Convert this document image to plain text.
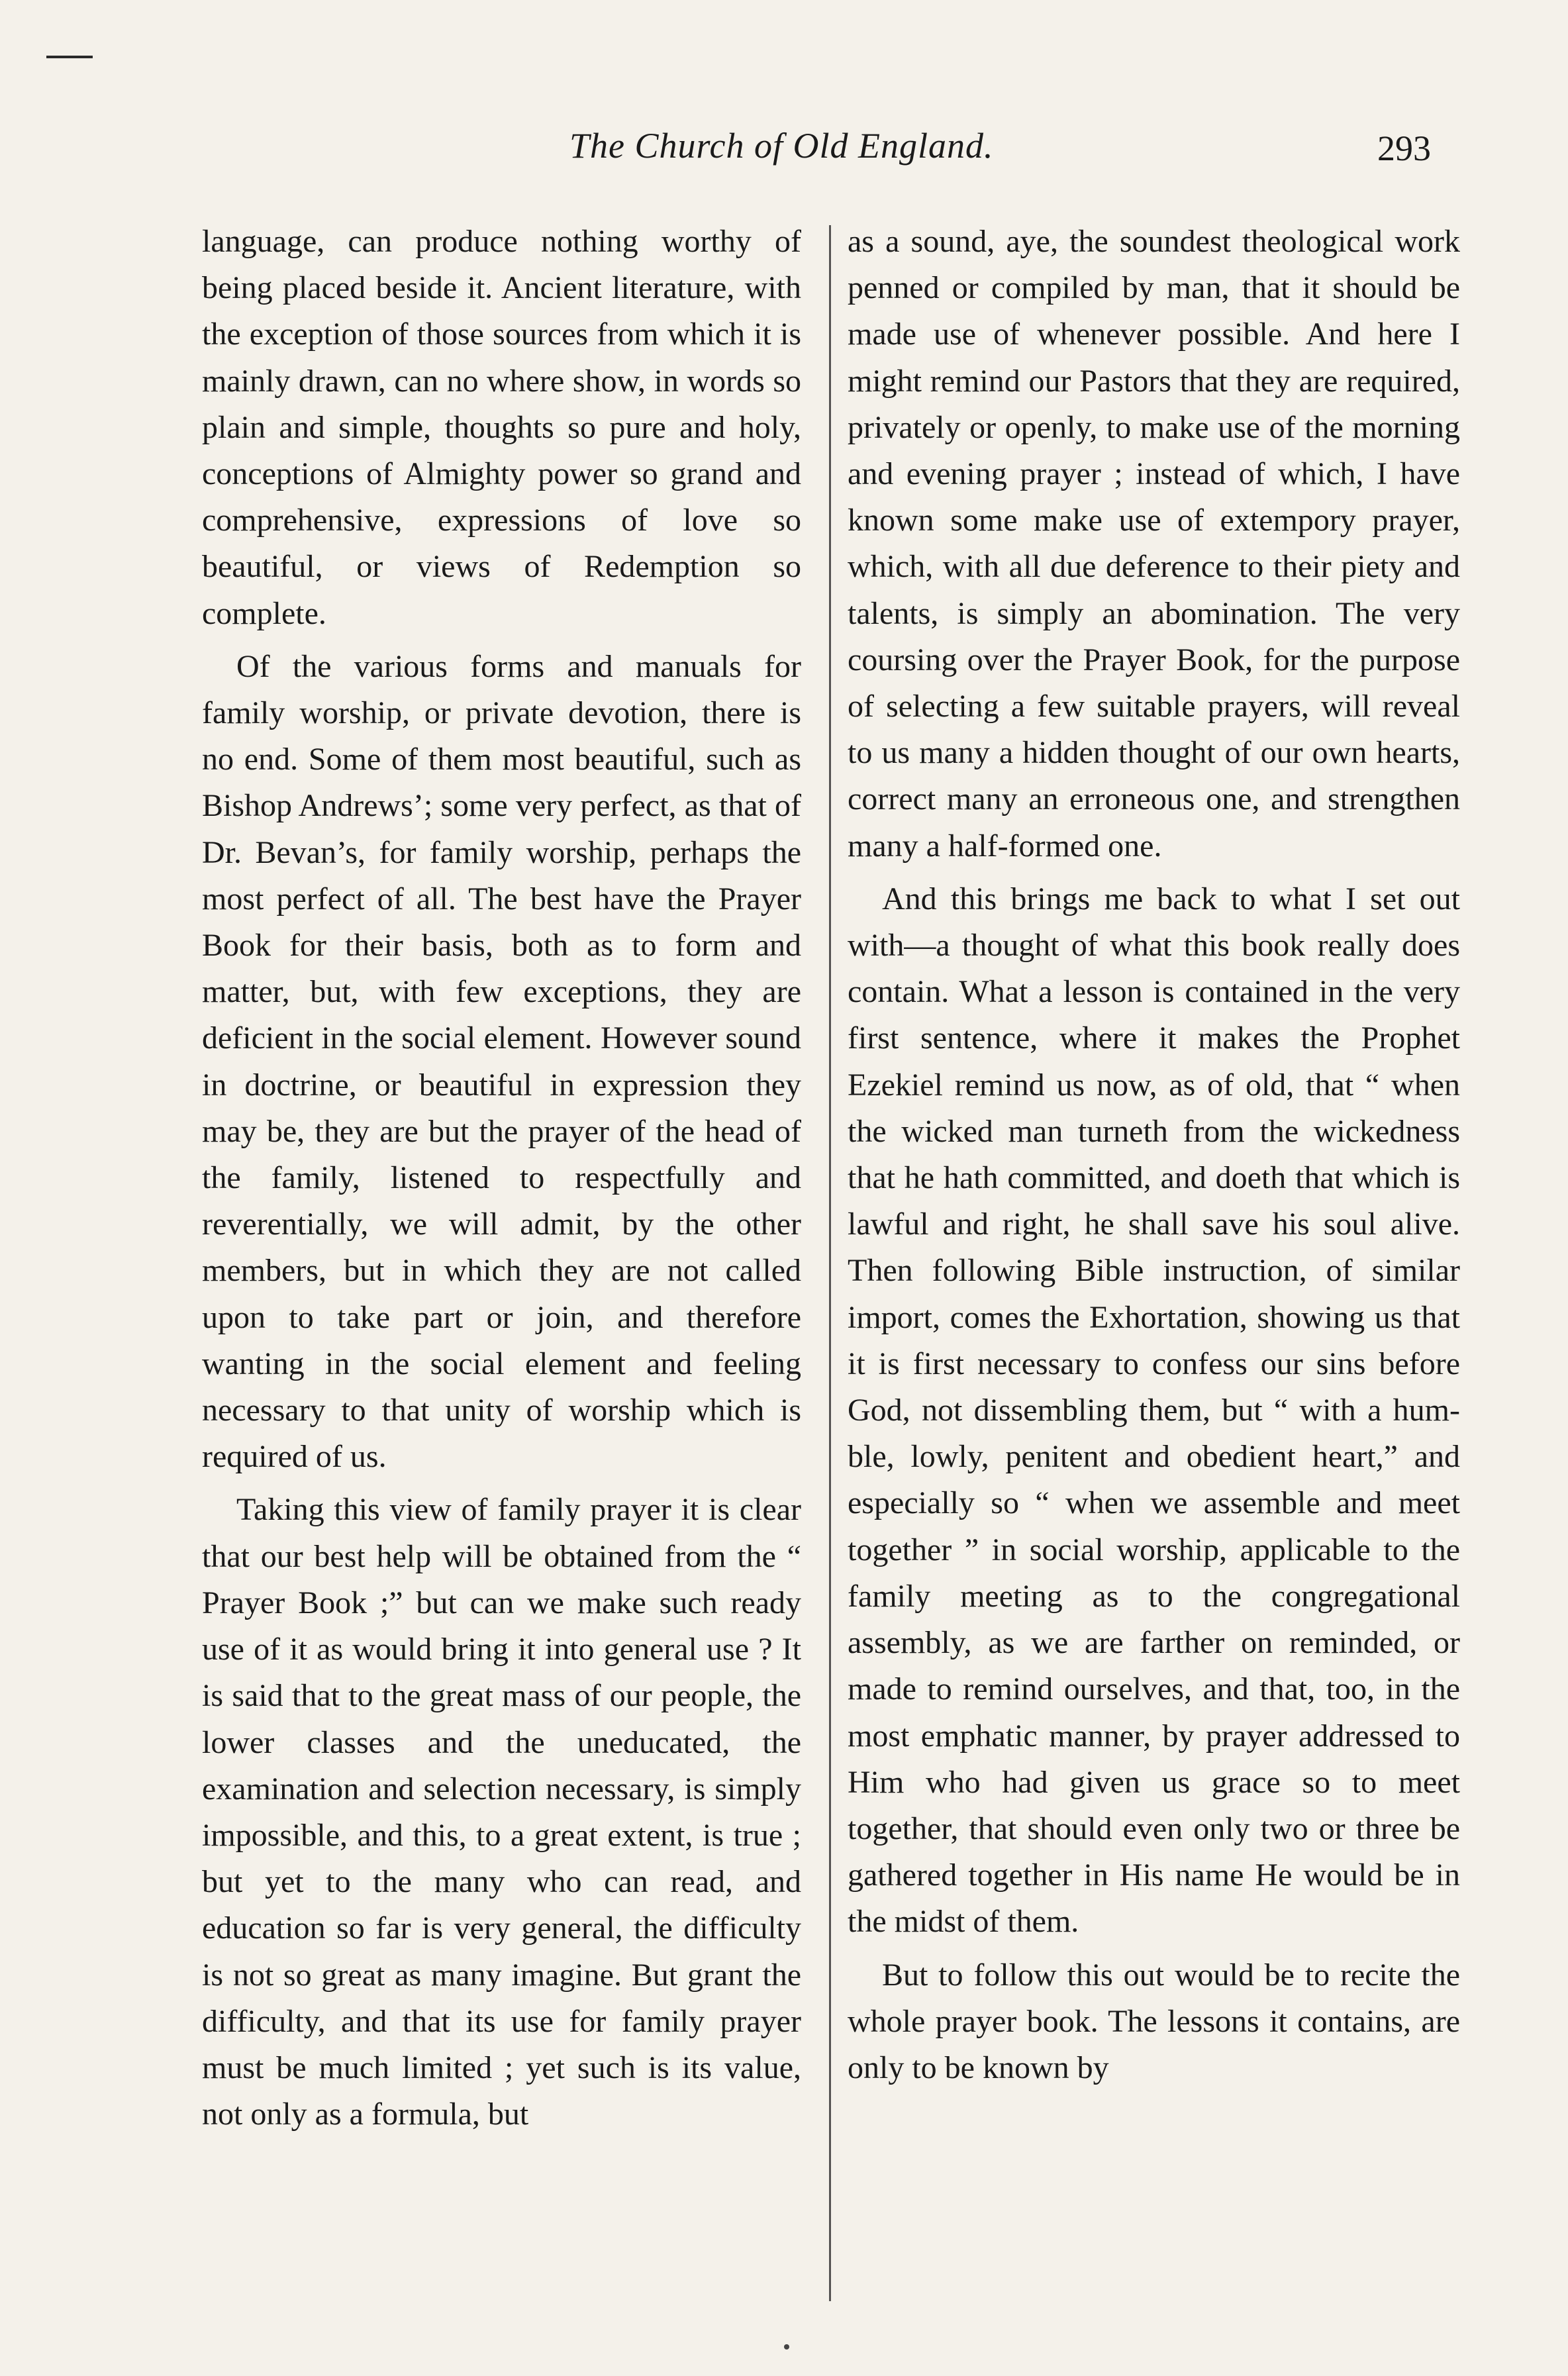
The Church of Old England.	293

language, can produce nothing worthy of being placed beside it. Ancient literature, with the exception of those sources from which it is mainly drawn, can no where show, in words so plain and simple, thoughts so pure and holy, conceptions of Almighty power so grand and comprehensive, expressions of love so beautiful, or views of Redemption so complete.

Of the various forms and manuals for family worship, or private devotion, there is no end. Some of them most beautiful, such as Bishop Andrews’; some very perfect, as that of Dr. Bevan’s, for family worship, perhaps the most perfect of all. The best have the Prayer Book for their basis, both as to form and matter, but, with few exceptions, they are deficient in the social element. However sound in doctrine, or beautiful in expression they may be, they are but the prayer of the head of the family, listened to respectfully and reverentially, we will admit, by the other members, but in which they are not called upon to take part or join, and therefore wanting in the social element and feeling necessary to that unity of worship which is required of us.

Taking this view of family prayer it is clear that our best help will be obtained from the “ Prayer Book ;” but can we make such ready use of it as would bring it into general use ? It is said that to the great mass of our people, the lower classes and the uneducated, the examination and selection necessary, is simply impossible, and this, to a great extent, is true ; but yet to the many who can read, and education so far is very general, the difficulty is not so great as many imagine. But grant the difficulty, and that its use for family prayer must be much limited ; yet such is its value, not only as a formula, but

as a sound, aye, the soundest theological work penned or compiled by man, that it should be made use of whenever possible. And here I might remind our Pastors that they are required, privately or openly, to make use of the morning and evening prayer ; instead of which, I have known some make use of extempory prayer, which, with all due deference to their piety and talents, is simply an abomination. The very coursing over the Prayer Book, for the purpose of selecting a few suitable prayers, will reveal to us many a hidden thought of our own hearts, correct many an erroneous one, and strengthen many a half-formed one.

And this brings me back to what I set out with—a thought of what this book really does contain. What a lesson is contained in the very first sentence, where it makes the Prophet Ezekiel remind us now, as of old, that “ when the wicked man turneth from the wickedness that he hath committed, and doeth that which is lawful and right, he shall save his soul alive. Then following Bible instruction, of similar import, comes the Exhortation, showing us that it is first necessary to confess our sins before God, not dissembling them, but “ with a humble, lowly, penitent and obedient heart,” and especially so “ when we assemble and meet together ” in social worship, applicable to the family meeting as to the congregational assembly, as we are farther on reminded, or made to remind ourselves, and that, too, in the most emphatic manner, by prayer addressed to Him who had given us grace so to meet together, that should even only two or three be gathered together in His name He would be in the midst of them.

But to follow this out would be to recite the whole prayer book. The lessons it contains, are only to be known by
